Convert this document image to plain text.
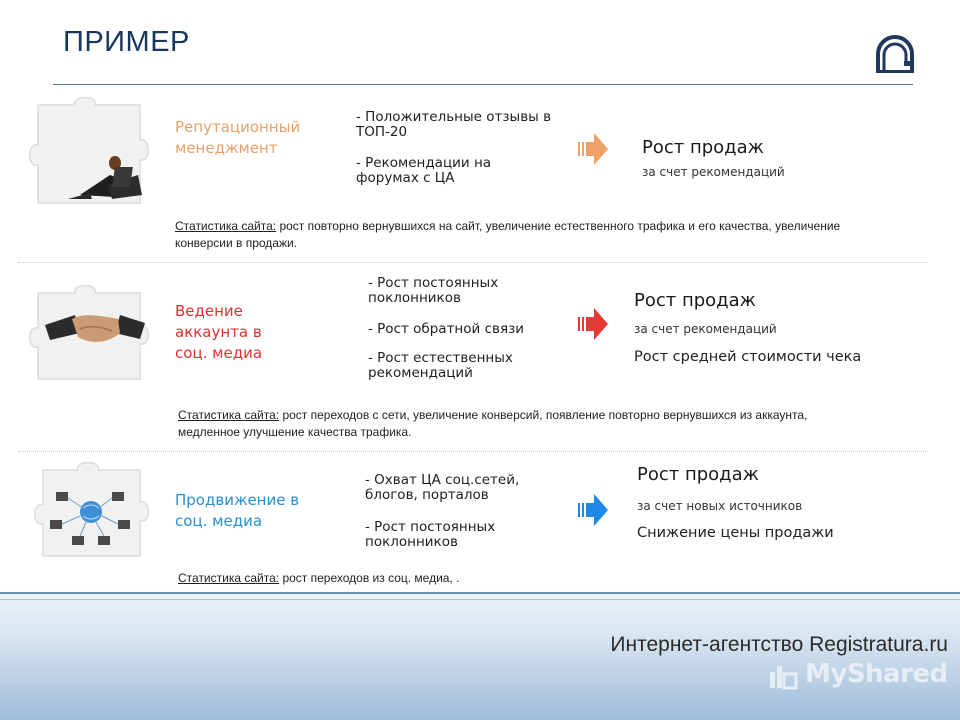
ПРИМЕР
Репутационный менеджмент
- Положительные отзывы в ТОП-20
- Рекомендации на форумах с ЦА
Рост продаж
за счет рекомендаций
Статистика сайта: рост повторно вернувшихся на сайт, увеличение естественного трафика и его качества, увеличение конверсии в продажи.
Ведение аккаунта в соц. медиа
- Рост постоянных поклонников
- Рост обратной связи
- Рост естественных рекомендаций
Рост продаж
за счет рекомендаций
Рост средней стоимости чека
Статистика сайта: рост переходов с сети, увеличение конверсий, появление повторно вернувшихся из аккаунта, медленное улучшение качества трафика.
Продвижение в соц. медиа
- Охват ЦА соц.сетей, блогов, порталов
- Рост постоянных поклонников
Рост продаж
за счет новых источников
Снижение цены продажи
Статистика сайта: рост переходов из соц. медиа, .
Интернет-агентство Registratura.ru
MyShared
